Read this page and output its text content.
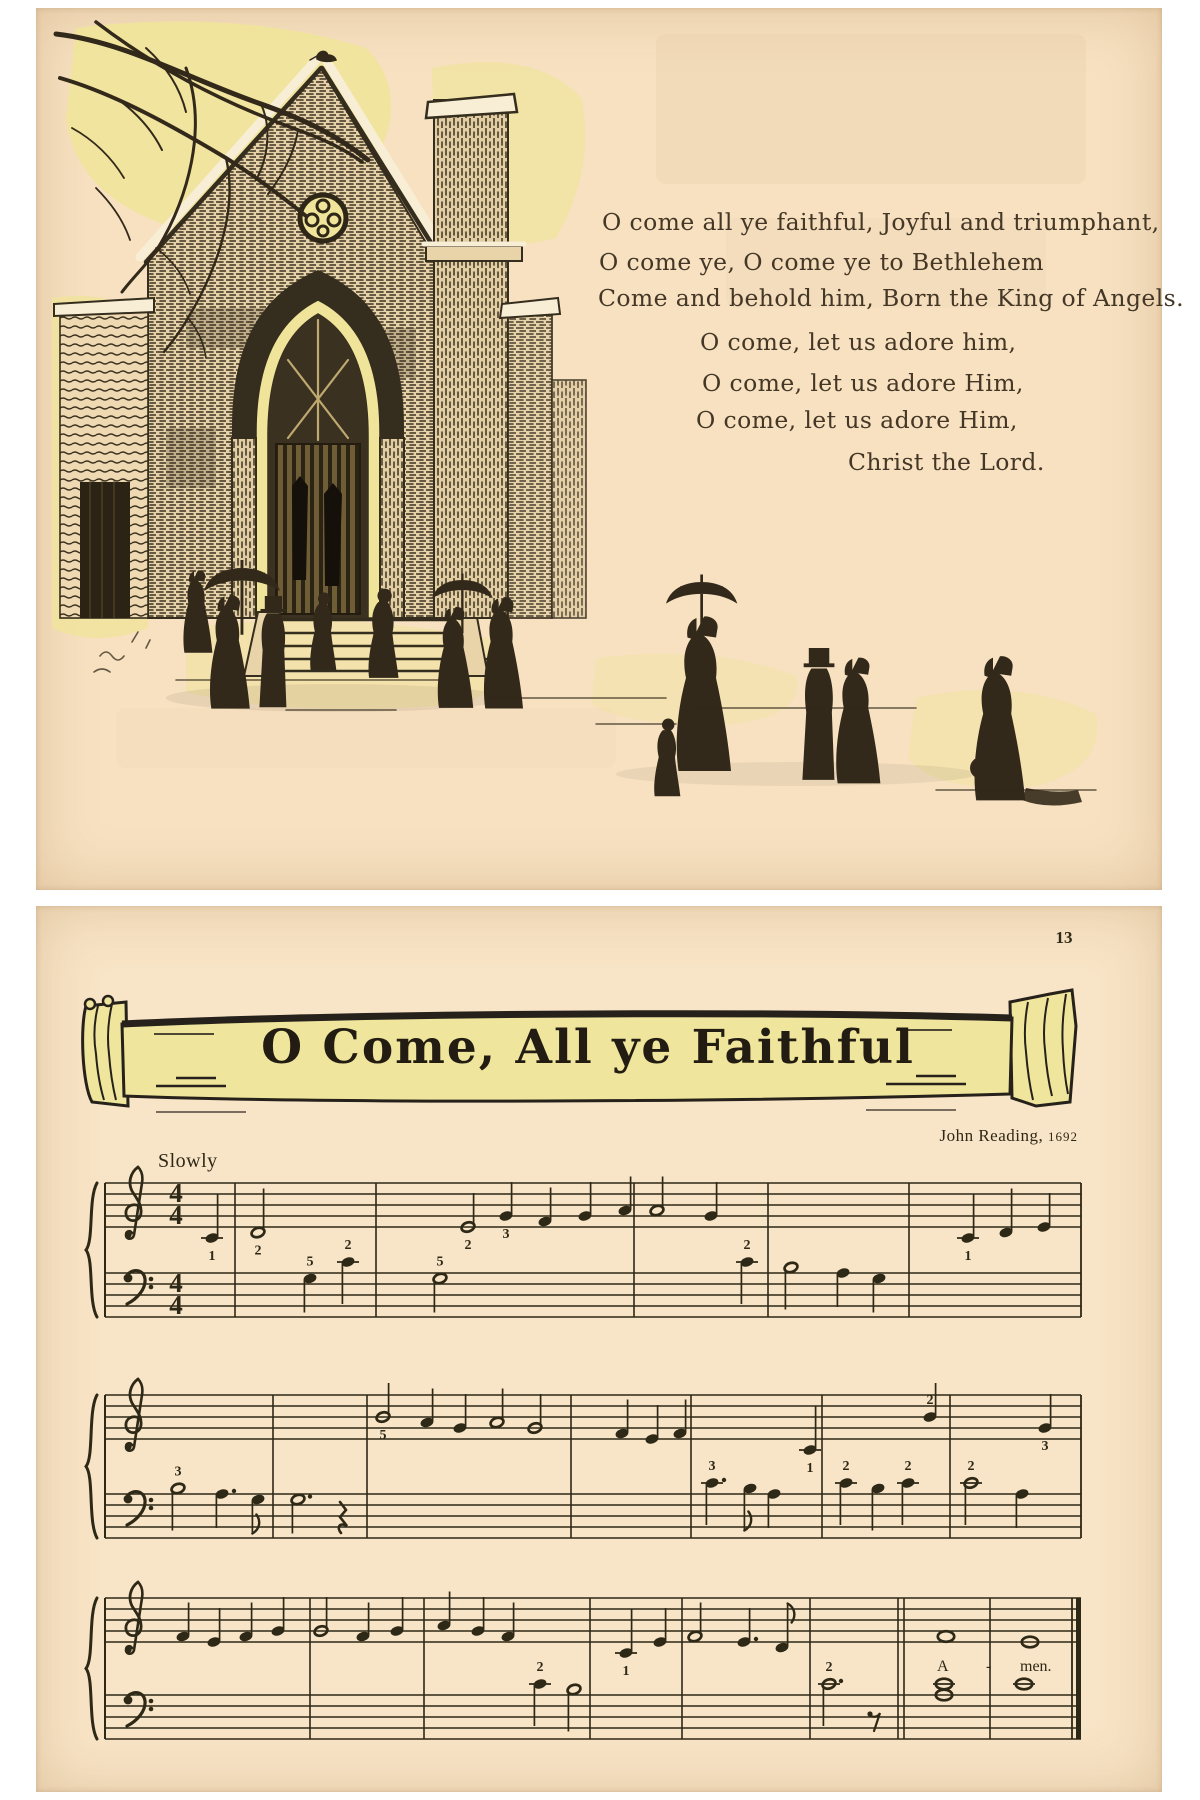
O come all ye faithful, Joyful and triumphant,
O come ye, O come ye to Bethlehem
Come and behold him, Born the King of Angels.
O come, let us adore him,
O come, let us adore Him,
O come, let us adore Him,
Christ the Lord.
13
4
4
4
4
1	2
5
2
5
2
3
2
1
3
5
3	1 2	2
2
2
3
2	1	2
O Come, All ye Faithful
John Reading, 1692
Slowly
A - men.
